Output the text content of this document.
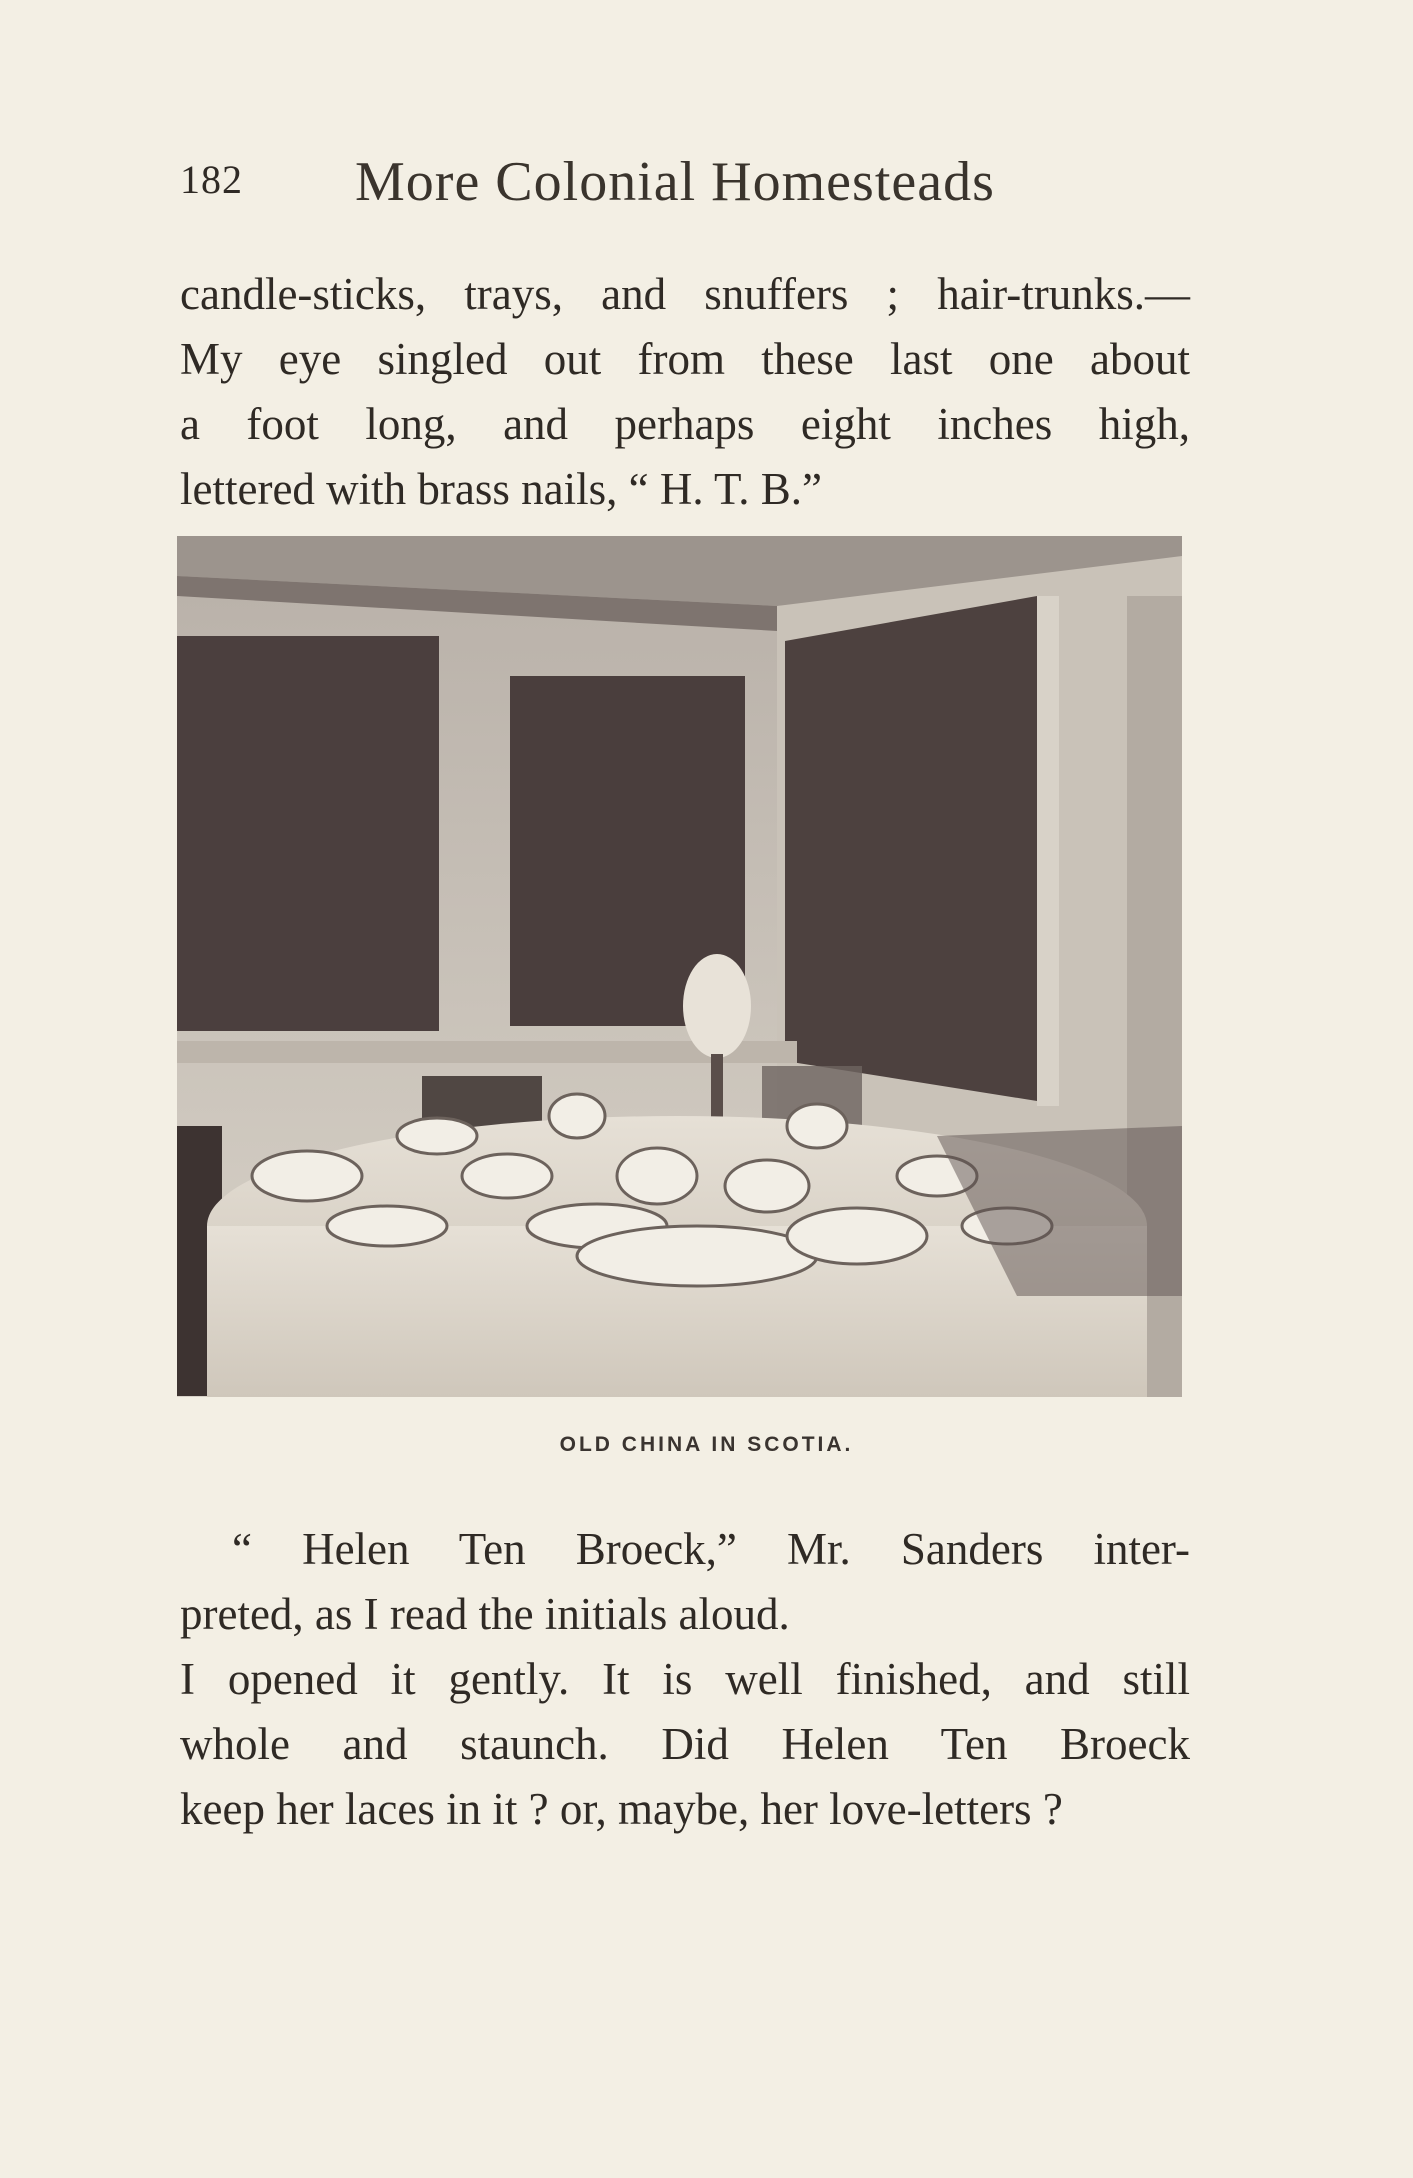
182 More Colonial Homesteads
candle-sticks, trays, and snuffers ; hair-trunks.—
My eye singled out from these last one about
a foot long, and perhaps eight inches high,
lettered with brass nails, “ H. T. B.”
OLD CHINA IN SCOTIA.
“ Helen Ten Broeck,” Mr. Sanders inter-
preted, as I read the initials aloud.
I opened it gently. It is well finished, and still
whole and staunch. Did Helen Ten Broeck
keep her laces in it ? or, maybe, her love-letters ?
